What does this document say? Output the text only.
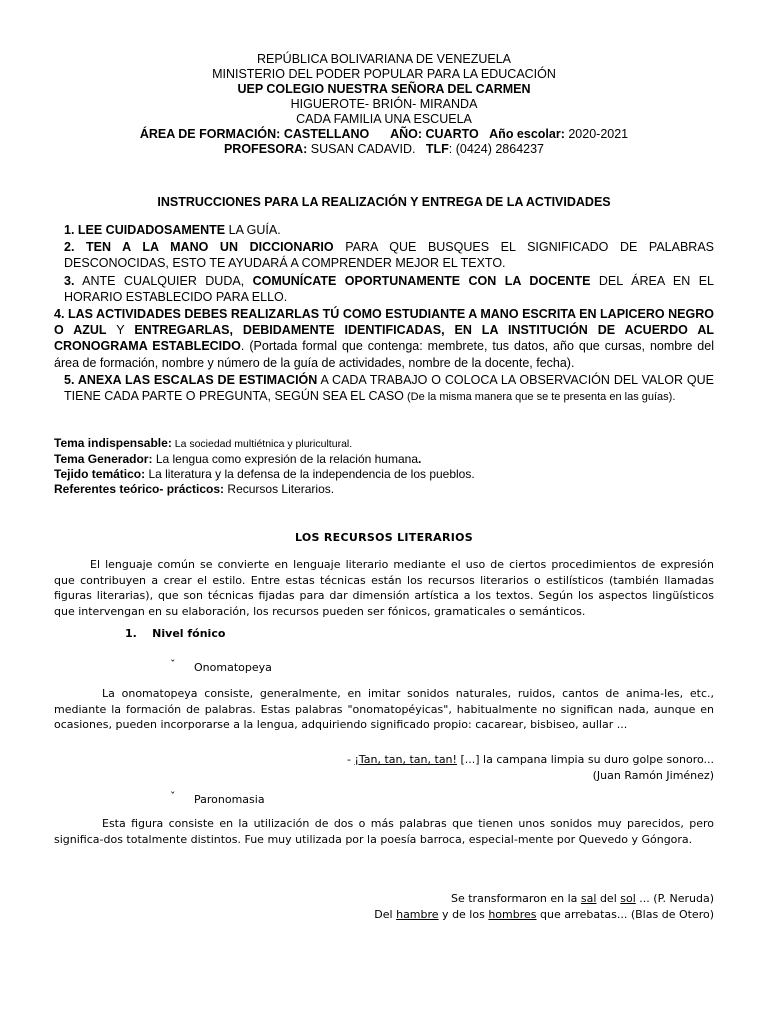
REPÚBLICA BOLIVARIANA DE VENEZUELA
MINISTERIO DEL PODER POPULAR PARA LA EDUCACIÓN
UEP COLEGIO NUESTRA SEÑORA DEL CARMEN
HIGUEROTE- BRIÓN- MIRANDA
CADA FAMILIA UNA ESCUELA
ÁREA DE FORMACIÓN: CASTELLANO AÑO: CUARTO Año escolar: 2020-2021
PROFESORA: SUSAN CADAVID. TLF: (0424) 2864237
INSTRUCCIONES PARA LA REALIZACIÓN Y ENTREGA DE LA ACTIVIDADES

1. LEE CUIDADOSAMENTE LA GUÍA.

2. TEN A LA MANO UN DICCIONARIO PARA QUE BUSQUES EL SIGNIFICADO DE PALABRAS DESCONOCIDAS, ESTO TE AYUDARÁ A COMPRENDER MEJOR EL TEXTO.

3. ANTE CUALQUIER DUDA, COMUNÍCATE OPORTUNAMENTE CON LA DOCENTE DEL ÁREA EN EL HORARIO ESTABLECIDO PARA ELLO.

4. LAS ACTIVIDADES DEBES REALIZARLAS TÚ COMO ESTUDIANTE A MANO ESCRITA EN LAPICERO NEGRO O AZUL Y ENTREGARLAS, DEBIDAMENTE IDENTIFICADAS, EN LA INSTITUCIÓN DE ACUERDO AL CRONOGRAMA ESTABLECIDO. (Portada formal que contenga: membrete, tus datos, año que cursas, nombre del área de formación, nombre y número de la guía de actividades, nombre de la docente, fecha).

5. ANEXA LAS ESCALAS DE ESTIMACIÓN A CADA TRABAJO O COLOCA LA OBSERVACIÓN DEL VALOR QUE TIENE CADA PARTE O PREGUNTA, SEGÚN SEA EL CASO (De la misma manera que se te presenta en las guías).

Tema indispensable: La sociedad multiétnica y pluricultural.
Tema Generador: La lengua como expresión de la relación humana.
Tejido temático: La literatura y la defensa de la independencia de los pueblos.
Referentes teórico- prácticos: Recursos Literarios.
LOS RECURSOS LITERARIOS
El lenguaje común se convierte en lenguaje literario mediante el uso de ciertos procedimientos de expresión que contribuyen a crear el estilo. Entre estas técnicas están los recursos literarios o estilísticos (también llamadas figuras literarias), que son técnicas fijadas para dar dimensión artística a los textos. Según los aspectos lingüísticos que intervengan en su elaboración, los recursos pueden ser fónicos, gramaticales o semánticos.
1. Nivel fónico
ˇ Onomatopeya
La onomatopeya consiste, generalmente, en imitar sonidos naturales, ruidos, cantos de anima-les, etc., mediante la formación de palabras. Estas palabras "onomatopéyicas", habitualmente no significan nada, aunque en ocasiones, pueden incorporarse a la lengua, adquiriendo significado propio: cacarear, bisbiseo, aullar ...
- ¡Tan, tan, tan, tan! [...] la campana limpia su duro golpe sonoro...
(Juan Ramón Jiménez)
ˇ Paronomasia
Esta figura consiste en la utilización de dos o más palabras que tienen unos sonidos muy parecidos, pero significa-dos totalmente distintos. Fue muy utilizada por la poesía barroca, especial-mente por Quevedo y Góngora.
Se transformaron en la sal del sol ... (P. Neruda)
Del hambre y de los hombres que arrebatas... (Blas de Otero)
